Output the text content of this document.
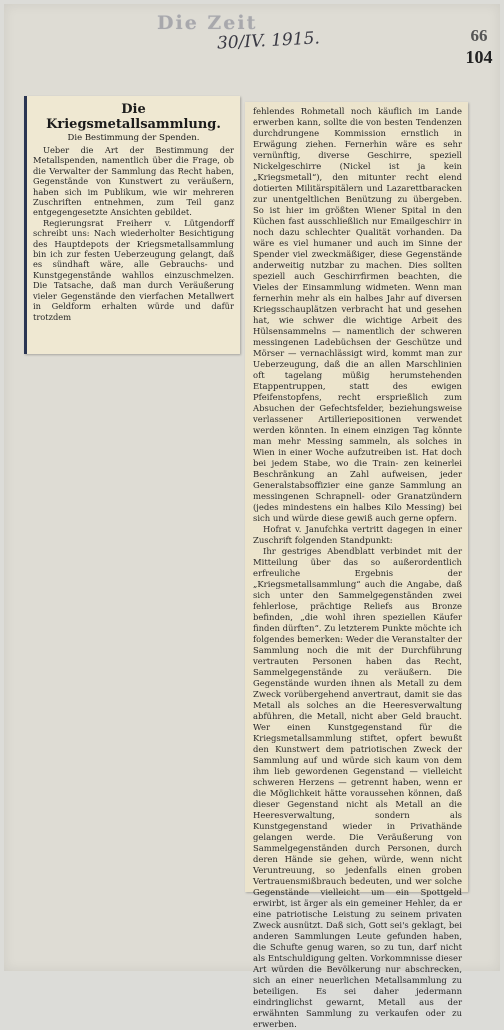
Die Zeit
30/IV. 1915.	66
104
Die Kriegsmetallsammlung.
Die Bestimmung der Spenden.

Ueber die Art der Bestimmung der Metallspenden, namentlich über die Frage, ob die Verwalter der Sammlung das Recht haben, Gegenstände von Kunstwert zu veräußern, haben sich im Publikum, wie wir mehreren Zuschriften entnehmen, zum Teil ganz entgegengesetzte Ansichten gebildet.

Regierungsrat Freiherr v. Lütgendorff schreibt uns: Nach wiederholter Besichtigung des Hauptdepots der Kriegsmetallsammlung bin ich zur festen Ueberzeugung gelangt, daß es sündhaft wäre, alle Gebrauchs- und Kunstgegenstände wahllos einzuschmelzen. Die Tatsache, daß man durch Veräußerung vieler Gegenstände den vierfachen Metallwert in Geldform erhalten würde und dafür trotzdem

fehlendes Rohmetall noch käuflich im Lande erwerben kann, sollte die von besten Tendenzen durchdrungene Kommission ernstlich in Erwägung ziehen. Fernerhin wäre es sehr vernünftig, diverse Geschirre, speziell Nickelgeschirre (Nickel ist ja kein „Kriegsmetall“), den mitunter recht elend dotierten Militärspitälern und Lazarettbaracken zur unentgeltlichen Benützung zu übergeben. So ist hier im größten Wiener Spital in den Küchen fast ausschließlich nur Emailgeschirr in noch dazu schlechter Qualität vorhanden. Da wäre es viel humaner und auch im Sinne der Spender viel zweckmäßiger, diese Gegenstände anderweitig nutzbar zu machen. Dies sollten speziell auch Geschirrfirmen beachten, die Vieles der Einsammlung widmeten. Wenn man fernerhin mehr als ein halbes Jahr auf diversen Kriegsschauplätzen verbracht hat und gesehen hat, wie schwer die wichtige Arbeit des Hülsensammelns — namentlich der schweren messingenen Ladebüchsen der Geschütze und Mörser — vernachlässigt wird, kommt man zur Ueberzeugung, daß die an allen Marschlinien oft tagelang müßig herumstehenden Etappentruppen, statt des ewigen Pfeifenstopfens, recht ersprießlich zum Absuchen der Gefechtsfelder, beziehungsweise verlassener Artilleriepositionen verwendet werden könnten. In einem einzigen Tag könnte man mehr Messing sammeln, als solches in Wien in einer Woche aufzutreiben ist. Hat doch bei jedem Stabe, wo die Train- zen keinerlei Beschränkung an Zahl aufweisen, jeder Generalstabsoffizier eine ganze Sammlung an messingenen Schrapnell- oder Granatzündern (jedes mindestens ein halbes Kilo Messing) bei sich und würde diese gewiß auch gerne opfern.

Hofrat v. Janufchka vertritt dagegen in einer Zuschrift folgenden Standpunkt:

Ihr gestriges Abendblatt verbindet mit der Mitteilung über das so außerordentlich erfreuliche Ergebnis der „Kriegsmetallsammlung“ auch die Angabe, daß sich unter den Sammelgegenständen zwei fehlerlose, prächtige Reliefs aus Bronze befinden, „die wohl ihren speziellen Käufer finden dürften“. Zu letzterem Punkte möchte ich folgendes bemerken: Weder die Veranstalter der Sammlung noch die mit der Durchführung vertrauten Personen haben das Recht, Sammelgegenstände zu veräußern. Die Gegenstände wurden ihnen als Metall zu dem Zweck vorübergehend anvertraut, damit sie das Metall als solches an die Heeresverwaltung abführen, die Metall, nicht aber Geld braucht. Wer einen Kunstgegenstand für die Kriegsmetallsammlung stiftet, opfert bewußt den Kunstwert dem patriotischen Zweck der Sammlung auf und würde sich kaum von dem ihm lieb gewordenen Gegenstand — vielleicht schweren Herzens — getrennt haben, wenn er die Möglichkeit hätte voraussehen können, daß dieser Gegenstand nicht als Metall an die Heeresverwaltung, sondern als Kunstgegenstand wieder in Privathände gelangen werde. Die Veräußerung von Sammelgegenständen durch Personen, durch deren Hände sie gehen, würde, wenn nicht Veruntreuung, so jedenfalls einen groben Vertrauensmißbrauch bedeuten, und wer solche Gegenstände vielleicht um ein Spottgeld erwirbt, ist ärger als ein gemeiner Hehler, da er eine patriotische Leistung zu seinem privaten Zweck ausnützt. Daß sich, Gott sei's geklagt, bei anderen Sammlungen Leute gefunden haben, die Schufte genug waren, so zu tun, darf nicht als Entschuldigung gelten. Vorkommnisse dieser Art würden die Bevölkerung nur abschrecken, sich an einer neuerlichen Metallsammlung zu beteiligen. Es sei daher jedermann eindringlichst gewarnt, Metall aus der erwähnten Sammlung zu verkaufen oder zu erwerben.
